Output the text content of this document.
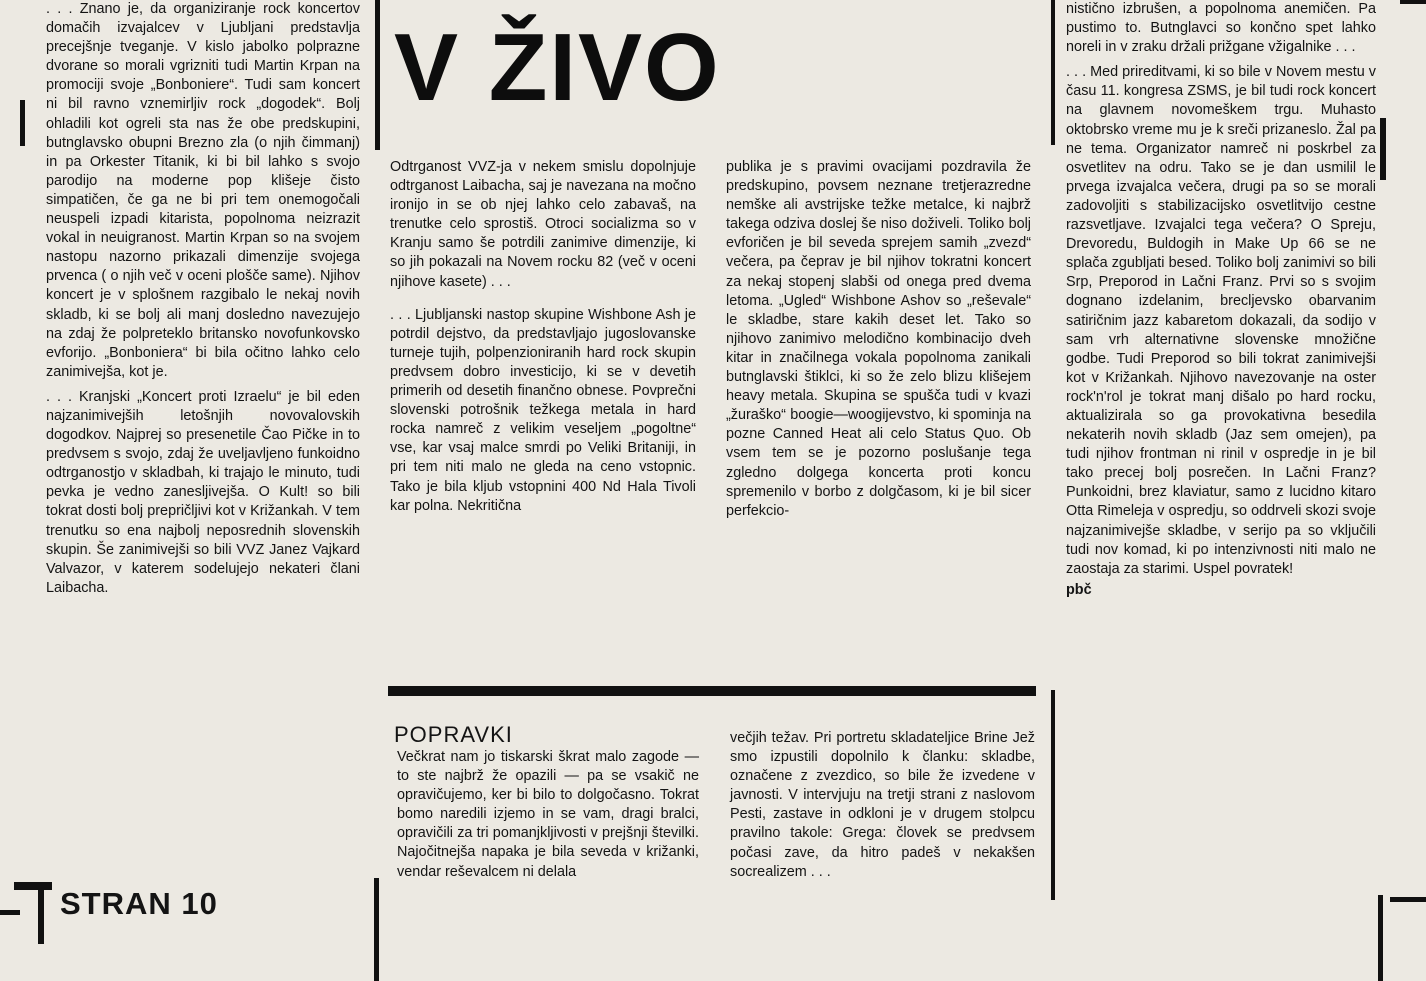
V ŽIVO

. . . Znano je, da organiziranje rock koncertov domačih izvajalcev v Ljubljani predstavlja precejšnje tveganje. V kislo jabolko polprazne dvorane so morali vgrizniti tudi Martin Krpan na promociji svoje „Bonboniere“. Tudi sam koncert ni bil ravno vznemirljiv rock „dogodek“. Bolj ohladili kot ogreli sta nas že obe predskupini, butnglavsko obupni Brezno zla (o njih čimmanj) in pa Orkester Titanik, ki bi bil lahko s svojo parodijo na moderne pop klišeje čisto simpatičen, če ga ne bi pri tem onemogočali neuspeli izpadi kitarista, popolnoma neizrazit vokal in neuigranost. Martin Krpan so na svojem nastopu nazorno prikazali dimenzije svojega prvenca ( o njih več v oceni plošče same). Njihov koncert je v splošnem razgibalo le nekaj novih skladb, ki se bolj ali manj dosledno navezujejo na zdaj že polpreteklo britansko novofunkovsko evforijo. „Bonboniera“ bi bila očitno lahko celo zanimivejša, kot je.

. . . Kranjski „Koncert proti Izraelu“ je bil eden najzanimivejših letošnjih novovalovskih dogodkov. Najprej so presenetile Čao Pičke in to predvsem s svojo, zdaj že uveljavljeno funkoidno odtrganostjo v skladbah, ki trajajo le minuto, tudi pevka je vedno zanesljivejša. O Kult! so bili tokrat dosti bolj prepričljivi kot v Križankah. V tem trenutku so ena najbolj neposrednih slovenskih skupin. Še zanimivejši so bili VVZ Janez Vajkard Valvazor, v katerem sodelujejo nekateri člani Laibacha.

Odtrganost VVZ-ja v nekem smislu dopolnjuje odtrganost Laibacha, saj je navezana na močno ironijo in se ob njej lahko celo zabavaš, na trenutke celo sprostiš. Otroci socializma so v Kranju samo še potrdili zanimive dimenzije, ki so jih pokazali na Novem rocku 82 (več v oceni njihove kasete) . . .

. . . Ljubljanski nastop skupine Wishbone Ash je potrdil dejstvo, da predstavljajo jugoslovanske turneje tujih, polpenzioniranih hard rock skupin predvsem dobro investicijo, ki se v devetih primerih od desetih finančno obnese. Povprečni slovenski potrošnik težkega metala in hard rocka namreč z velikim veseljem „pogoltne“ vse, kar vsaj malce smrdi po Veliki Britaniji, in pri tem niti malo ne gleda na ceno vstopnic. Tako je bila kljub vstopnini 400 Nd Hala Tivoli kar polna. Nekritična

publika je s pravimi ovacijami pozdravila že predskupino, povsem neznane tretjerazredne nemške ali avstrijske težke metalce, ki najbrž takega odziva doslej še niso doživeli. Toliko bolj evforičen je bil seveda sprejem samih „zvezd“ večera, pa čeprav je bil njihov tokratni koncert za nekaj stopenj slabši od onega pred dvema letoma. „Ugled“ Wishbone Ashov so „reševale“ le skladbe, stare kakih deset let. Tako so njihovo zanimivo melodično kombinacijo dveh kitar in značilnega vokala popolnoma zanikali butnglavski štiklci, ki so že zelo blizu klišejem heavy metala. Skupina se spušča tudi v kvazi „žuraško“ boogie—woogijevstvo, ki spominja na pozne Canned Heat ali celo Status Quo. Ob vsem tem se je pozorno poslušanje tega zgledno dolgega koncerta proti koncu spremenilo v borbo z dolgčasom, ki je bil sicer perfekcio-

nistično izbrušen, a popolnoma anemičen. Pa pustimo to. Butnglavci so končno spet lahko noreli in v zraku držali prižgane vžigalnike . . .

. . . Med prireditvami, ki so bile v Novem mestu v času 11. kongresa ZSMS, je bil tudi rock koncert na glavnem novomeškem trgu. Muhasto oktobrsko vreme mu je k sreči prizaneslo. Žal pa ne tema. Organizator namreč ni poskrbel za osvetlitev na odru. Tako se je dan usmilil le prvega izvajalca večera, drugi pa so se morali zadovoljiti s stabilizacijsko osvetlitvijo cestne razsvetljave. Izvajalci tega večera? O Spreju, Drevoredu, Buldogih in Make Up 66 se ne splača zgubljati besed. Toliko bolj zanimivi so bili Srp, Preporod in Lačni Franz. Prvi so s svojim dognano izdelanim, brecljevsko obarvanim satiričnim jazz kabaretom dokazali, da sodijo v sam vrh alternativne slovenske množične godbe. Tudi Preporod so bili tokrat zanimivejši kot v Križankah. Njihovo navezovanje na oster rock'n'rol je tokrat manj dišalo po hard rocku, aktualizirala so ga provokativna besedila nekaterih novih skladb (Jaz sem omejen), pa tudi njihov frontman ni rinil v ospredje in je bil tako precej bolj posrečen. In Lačni Franz? Punkoidni, brez klaviatur, samo z lucidno kitaro Otta Rimeleja v ospredju, so oddrveli skozi svoje najzanimivejše skladbe, v serijo pa so vključili tudi nov komad, ki po intenzivnosti niti malo ne zaostaja za starimi. Uspel povratek!

pbč

POPRAVKI

Večkrat nam jo tiskarski škrat malo zagode — to ste najbrž že opazili — pa se vsakič ne opravičujemo, ker bi bilo to dolgočasno. Tokrat bomo naredili izjemo in se vam, dragi bralci, opravičili za tri pomanjkljivosti v prejšnji številki. Najočitnejša napaka je bila seveda v križanki, vendar reševalcem ni delala

večjih težav. Pri portretu skladateljice Brine Jež smo izpustili dopolnilo k članku: skladbe, označene z zvezdico, so bile že izvedene v javnosti. V intervjuju na tretji strani z naslovom Pesti, zastave in odkloni je v drugem stolpcu pravilno takole: Grega: človek se predvsem počasi zave, da hitro padeš v nekakšen socrealizem . . .

STRAN 10
